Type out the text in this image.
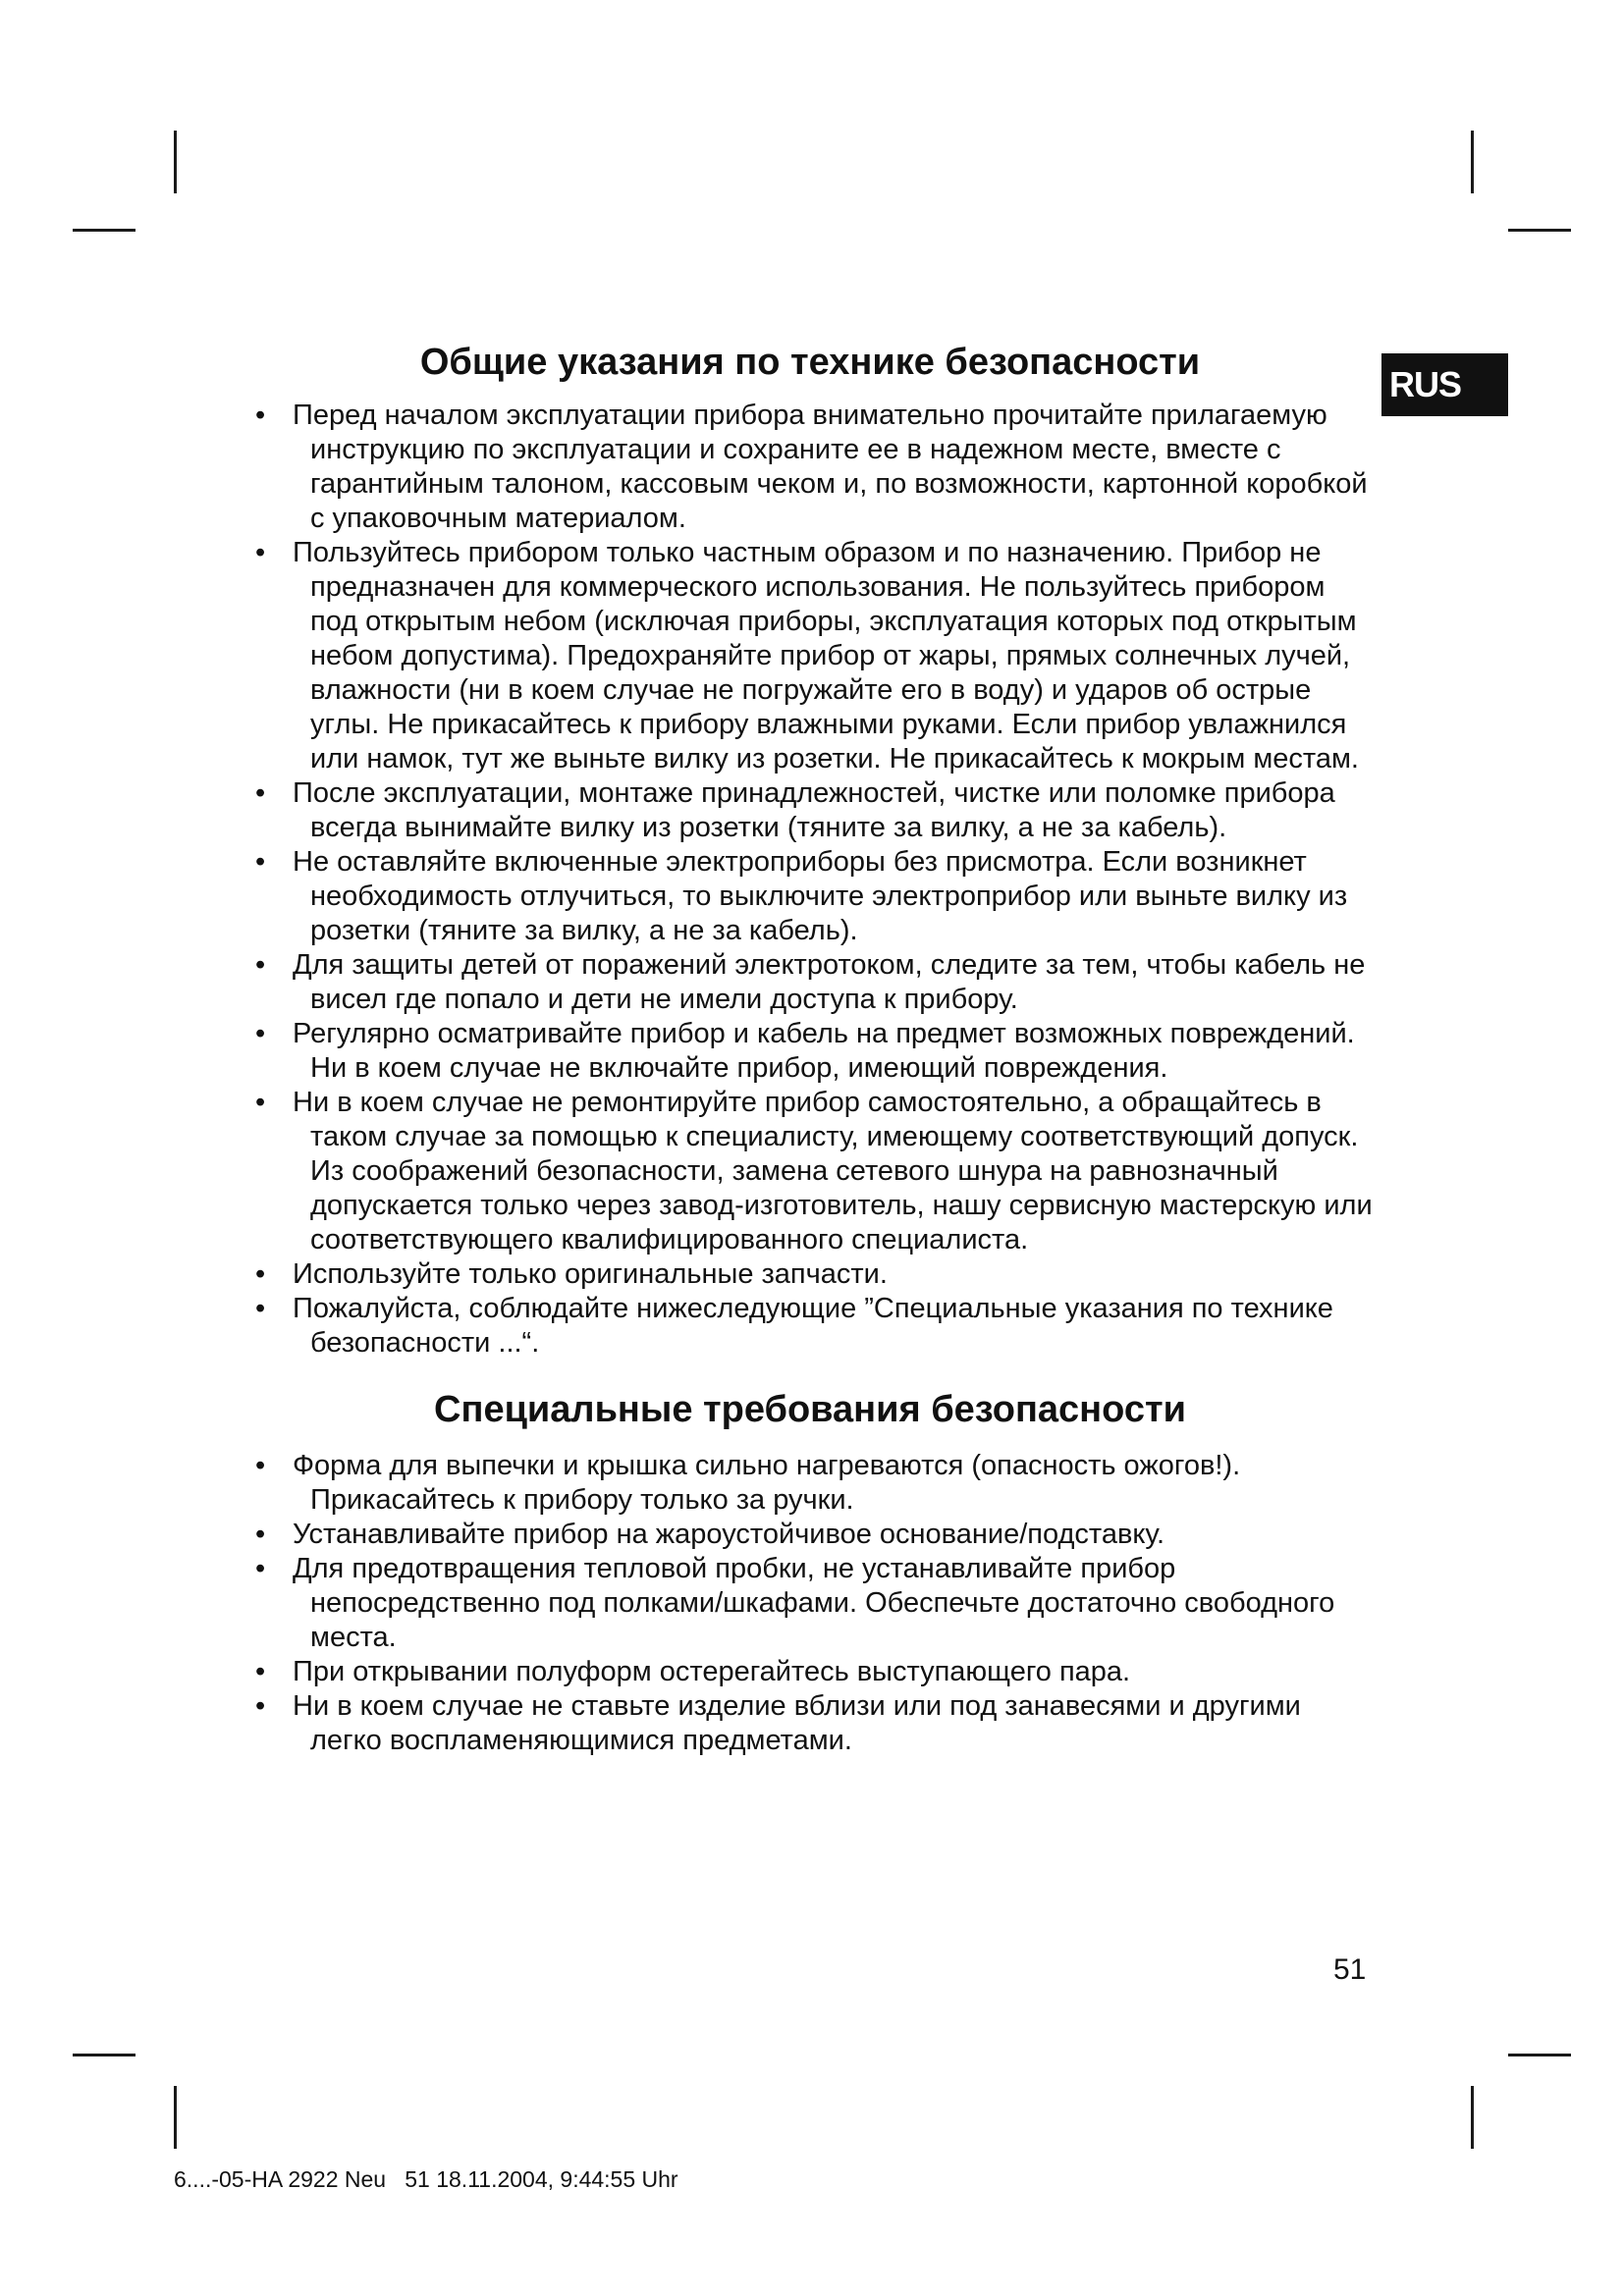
RUS
Общие указания по технике безопасности
• Перед началом эксплуатации прибора внимательно прочитайте прилагаемую инструкцию по эксплуатации и сохраните ее в надежном месте, вместе с гарантийным талоном, кассовым чеком и, по возможности, картонной коробкой с упаковочным материалом.
• Пользуйтесь прибором только частным образом и по назначению. Прибор не предназначен для коммерческого использования. Не пользуйтесь прибором под открытым небом (исключая приборы, эксплуатация которых под открытым небом допустима). Предохраняйте прибор от жары, прямых солнечных лучей, влажности (ни в коем случае не погружайте его в воду) и ударов об острые углы. Не прикасайтесь к прибору влажными руками. Если прибор увлажнился или намок, тут же выньте вилку из розетки. Не прикасайтесь к мокрым местам.
• После эксплуатации, монтаже принадлежностей, чистке или поломке прибора всегда вынимайте вилку из розетки (тяните за вилку, а не за кабель).
• Не оставляйте включенные электроприборы без присмотра. Если возникнет необходимость отлучиться, то выключите электроприбор или выньте вилку из розетки (тяните за вилку, а не за кабель).
• Для защиты детей от поражений электротоком, следите за тем, чтобы кабель не висел где попало и дети не имели доступа к прибору.
• Регулярно осматривайте прибор и кабель на предмет возможных повреждений. Ни в коем случае не включайте прибор, имеющий повреждения.
• Ни в коем случае не ремонтируйте прибор самостоятельно, а обращайтесь в таком случае за помощью к специалисту, имеющему соответствующий допуск. Из соображений безопасности, замена сетевого шнура на равнозначный допускается только через завод-изготовитель, нашу сервисную мастерскую или соответствующего квалифицированного специалиста.
• Используйте только оригинальные запчасти.
• Пожалуйста, соблюдайте нижеследующие ”Специальные указания по технике безопасности ...“.
Специальные требования безопасности
• Форма для выпечки и крышка сильно нагреваются (опасность ожогов!). Прикасайтесь к прибору только за ручки.
• Устанавливайте прибор на жароустойчивое основание/подставку.
• Для предотвращения тепловой пробки, не устанавливайте прибор непосредственно под полками/шкафами. Обеспечьте достаточно свободного места.
• При открывании полуформ остерегайтесь выступающего пара.
• Ни в коем случае не ставьте изделие вблизи или под занавесями и другими легко воспламеняющимися предметами.
51
6....-05-HA 2922 Neu   51 18.11.2004, 9:44:55 Uhr
